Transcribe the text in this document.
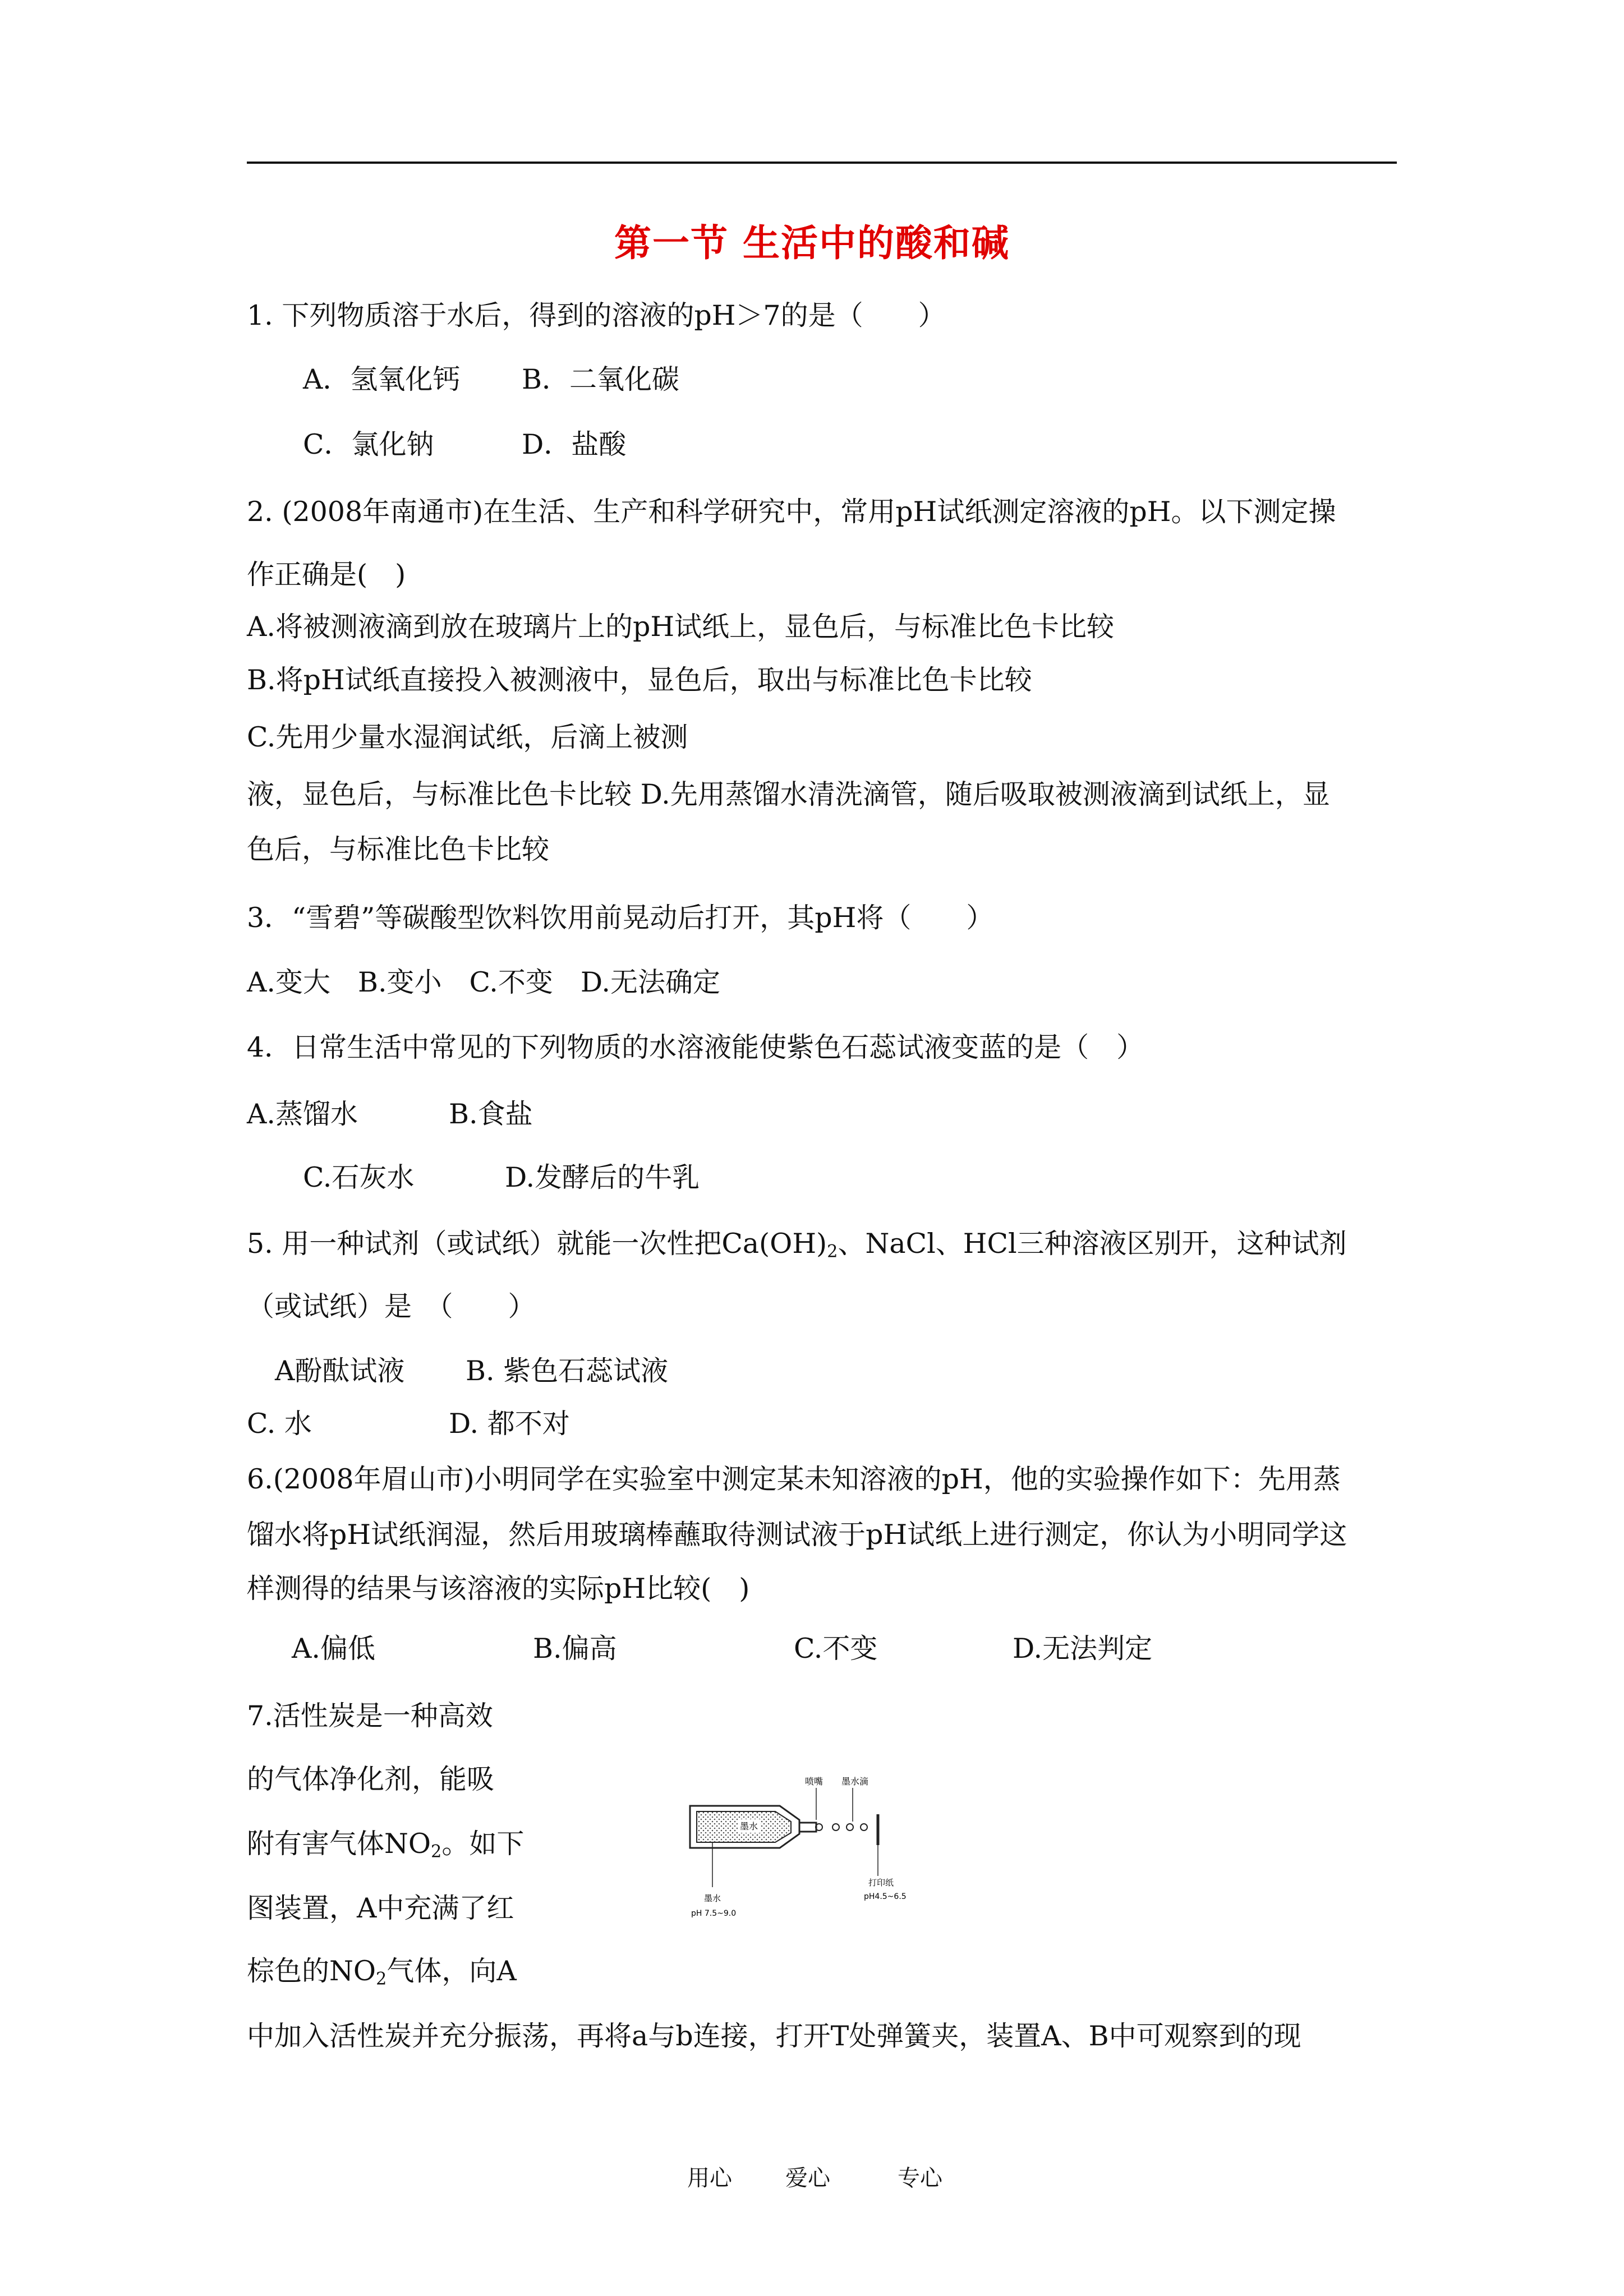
第一节 生活中的酸和碱
1. 下列物质溶于水后，得到的溶液的pH＞7的是（　　）
A．氢氧化钙 B．二氧化碳
C．氯化钠	D．盐酸
2. (2008年南通市)在生活、生产和科学研究中，常用pH试纸测定溶液的pH。以下测定操
作正确是(　)
A.将被测液滴到放在玻璃片上的pH试纸上，显色后，与标准比色卡比较
B.将pH试纸直接投入被测液中，显色后，取出与标准比色卡比较
C.先用少量水湿润试纸，后滴上被测
液，显色后，与标准比色卡比较 D.先用蒸馏水清洗滴管，随后吸取被测液滴到试纸上，显
色后，与标准比色卡比较
3．“雪碧”等碳酸型饮料饮用前晃动后打开，其pH将（　　）
A.变大　B.变小　C.不变　D.无法确定
4．日常生活中常见的下列物质的水溶液能使紫色石蕊试液变蓝的是（　）
A.蒸馏水	B.食盐
C.石灰水	D.发酵后的牛乳
5. 用一种试剂（或试纸）就能一次性把$Ca(OH)_2$、NaCl、HCl三种溶液区别开，这种试剂
（或试纸）是　（　　）
A酚酞试液 B. 紫色石蕊试液
C. 水	D. 都不对
6.(2008年眉山市)小明同学在实验室中测定某未知溶液的pH，他的实验操作如下：先用蒸
馏水将pH试纸润湿，然后用玻璃棒蘸取待测试液于pH试纸上进行测定，你认为小明同学这
样测得的结果与该溶液的实际pH比较(　)
A.偏低	B.偏高	C.不变	D.无法判定
7.活性炭是一种高效
的气体净化剂，能吸
附有害气体$NO_2$。如下
图装置，A中充满了红
棕色的$NO_2$气体，向A
中加入活性炭并充分振荡，再将a与b连接，打开T处弹簧夹，装置A、B中可观察到的现
墨水
喷嘴 墨水滴
打印纸
pH4.5~6.5
墨水
pH 7.5~9.0
用心 爱心	专心
